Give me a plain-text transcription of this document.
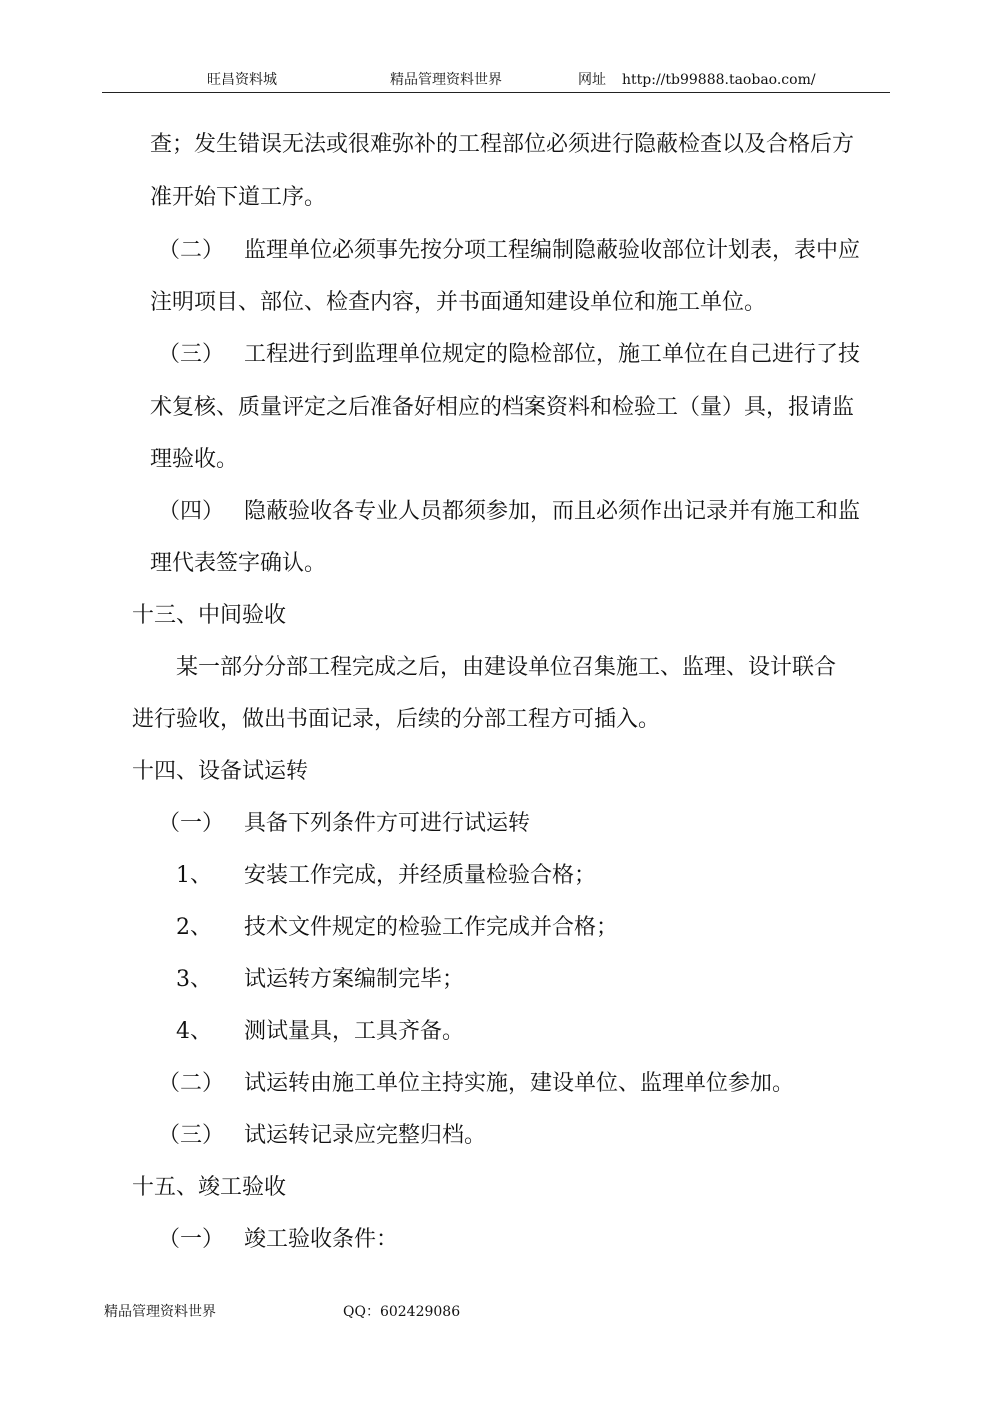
旺昌资料城	精品管理资料世界	网址 http://tb99888.taobao.com/
查；发生错误无法或很难弥补的工程部位必须进行隐蔽检查以及合格后方
准开始下道工序。
（二） 监理单位必须事先按分项工程编制隐蔽验收部位计划表，表中应
注明项目、部位、检查内容，并书面通知建设单位和施工单位。
（三） 工程进行到监理单位规定的隐检部位，施工单位在自己进行了技
术复核、质量评定之后准备好相应的档案资料和检验工（量）具，报请监
理验收。
（四） 隐蔽验收各专业人员都须参加，而且必须作出记录并有施工和监
理代表签字确认。
十三、中间验收
某一部分分部工程完成之后，由建设单位召集施工、监理、设计联合
进行验收，做出书面记录，后续的分部工程方可插入。
十四、设备试运转
（一） 具备下列条件方可进行试运转
1、 安装工作完成，并经质量检验合格；
2、 技术文件规定的检验工作完成并合格；
3、 试运转方案编制完毕；
4、 测试量具，工具齐备。
（二） 试运转由施工单位主持实施，建设单位、监理单位参加。
（三） 试运转记录应完整归档。
十五、竣工验收
（一） 竣工验收条件：
精品管理资料世界	QQ：602429086
